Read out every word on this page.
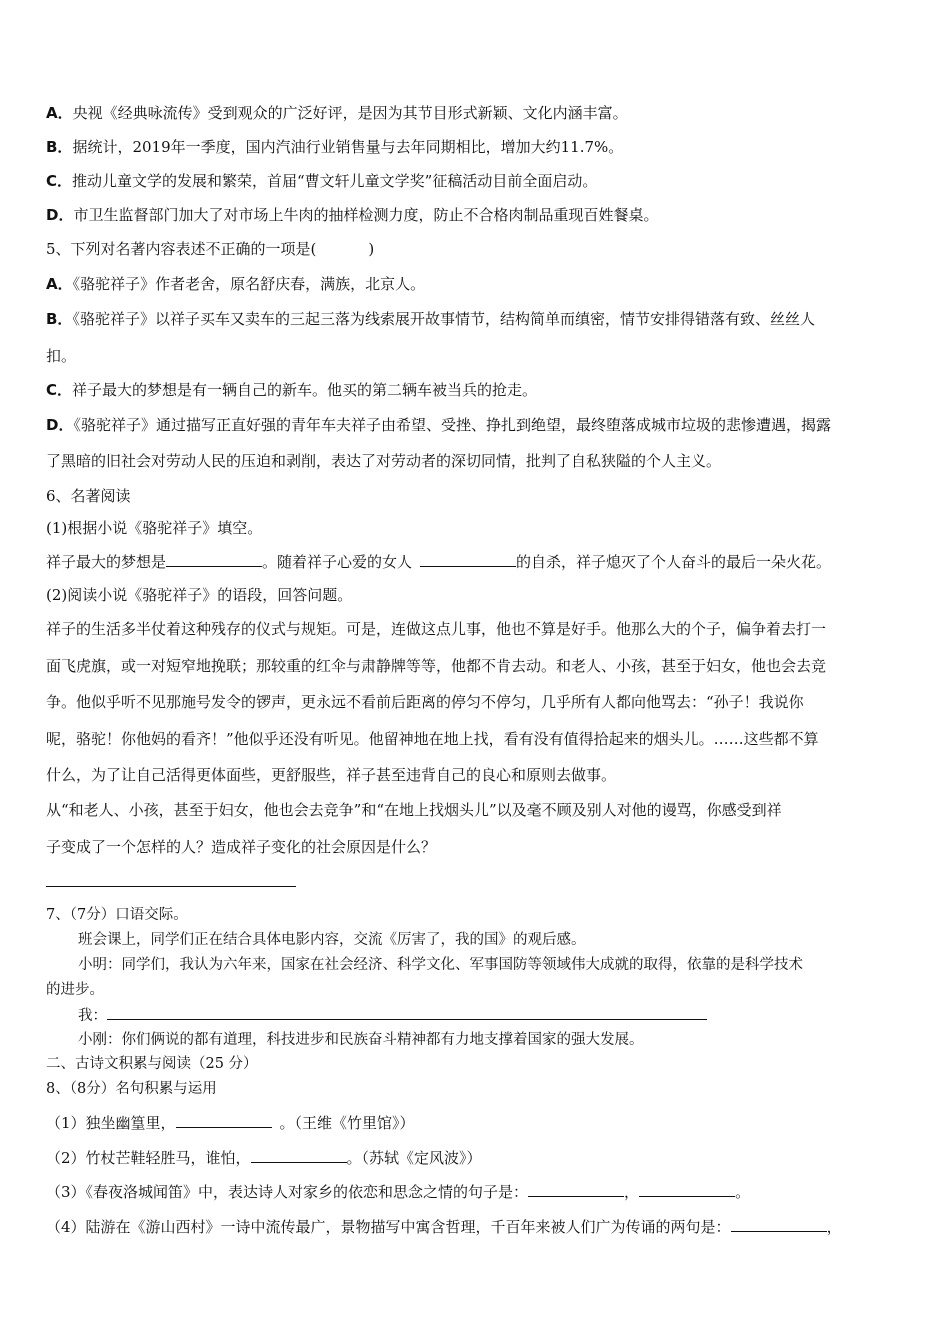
A．央视《经典咏流传》受到观众的广泛好评，是因为其节目形式新颖、文化内涵丰富。
B．据统计，2019年一季度，国内汽油行业销售量与去年同期相比，增加大约11.7%。
C．推动儿童文学的发展和繁荣，首届“曹文轩儿童文学奖”征稿活动目前全面启动。
D．市卫生监督部门加大了对市场上牛肉的抽样检测力度，防止不合格肉制品重现百姓餐桌。
5、下列对名著内容表述不正确的一项是(	)
A．《骆驼祥子》作者老舍，原名舒庆春，满族，北京人。
B．《骆驼祥子》以祥子买车又卖车的三起三落为线索展开故事情节，结构简单而缜密，情节安排得错落有致、丝丝人
扣。
C．祥子最大的梦想是有一辆自己的新车。他买的第二辆车被当兵的抢走。
D．《骆驼祥子》通过描写正直好强的青年车夫祥子由希望、受挫、挣扎到绝望，最终堕落成城市垃圾的悲惨遭遇，揭露
了黑暗的旧社会对劳动人民的压迫和剥削，表达了对劳动者的深切同情，批判了自私狭隘的个人主义。
6、名著阅读
(1)根据小说《骆驼祥子》填空。
祥子最大的梦想是	。随着祥子心爱的女人	的自杀，祥子熄灭了个人奋斗的最后一朵火花。
(2)阅读小说《骆驼祥子》的语段，回答问题。
祥子的生活多半仗着这种残存的仪式与规矩。可是，连做这点儿事，他也不算是好手。他那么大的个子，偏争着去打一
面飞虎旗，或一对短窄地挽联；那较重的红伞与肃静牌等等，他都不肯去动。和老人、小孩，甚至于妇女，他也会去竞
争。他似乎听不见那施号发令的锣声，更永远不看前后距离的停匀不停匀，几乎所有人都向他骂去：“孙子！我说你
呢，骆驼！你他妈的看齐！”他似乎还没有听见。他留神地在地上找，看有没有值得拾起来的烟头儿。……这些都不算
什么，为了让自己活得更体面些，更舒服些，祥子甚至违背自己的良心和原则去做事。
从“和老人、小孩，甚至于妇女，他也会去竞争”和“在地上找烟头儿”以及毫不顾及别人对他的谩骂，你感受到祥
子变成了一个怎样的人？造成祥子变化的社会原因是什么？
7、（7分）口语交际。
班会课上，同学们正在结合具体电影内容，交流《厉害了，我的国》的观后感。
小明：同学们，我认为六年来，国家在社会经济、科学文化、军事国防等领域伟大成就的取得，依靠的是科学技术
的进步。
我：
小刚：你们俩说的都有道理，科技进步和民族奋斗精神都有力地支撑着国家的强大发展。
二、古诗文积累与阅读（25 分）
8、（8分）名句积累与运用
（1）独坐幽篁里，	。（王维《竹里馆》）
（2）竹杖芒鞋轻胜马，谁怕，	。（苏轼《定风波》）
（3）《春夜洛城闻笛》中，表达诗人对家乡的依恋和思念之情的句子是：	，	。
（4）陆游在《游山西村》一诗中流传最广，景物描写中寓含哲理，千百年来被人们广为传诵的两句是：	，
